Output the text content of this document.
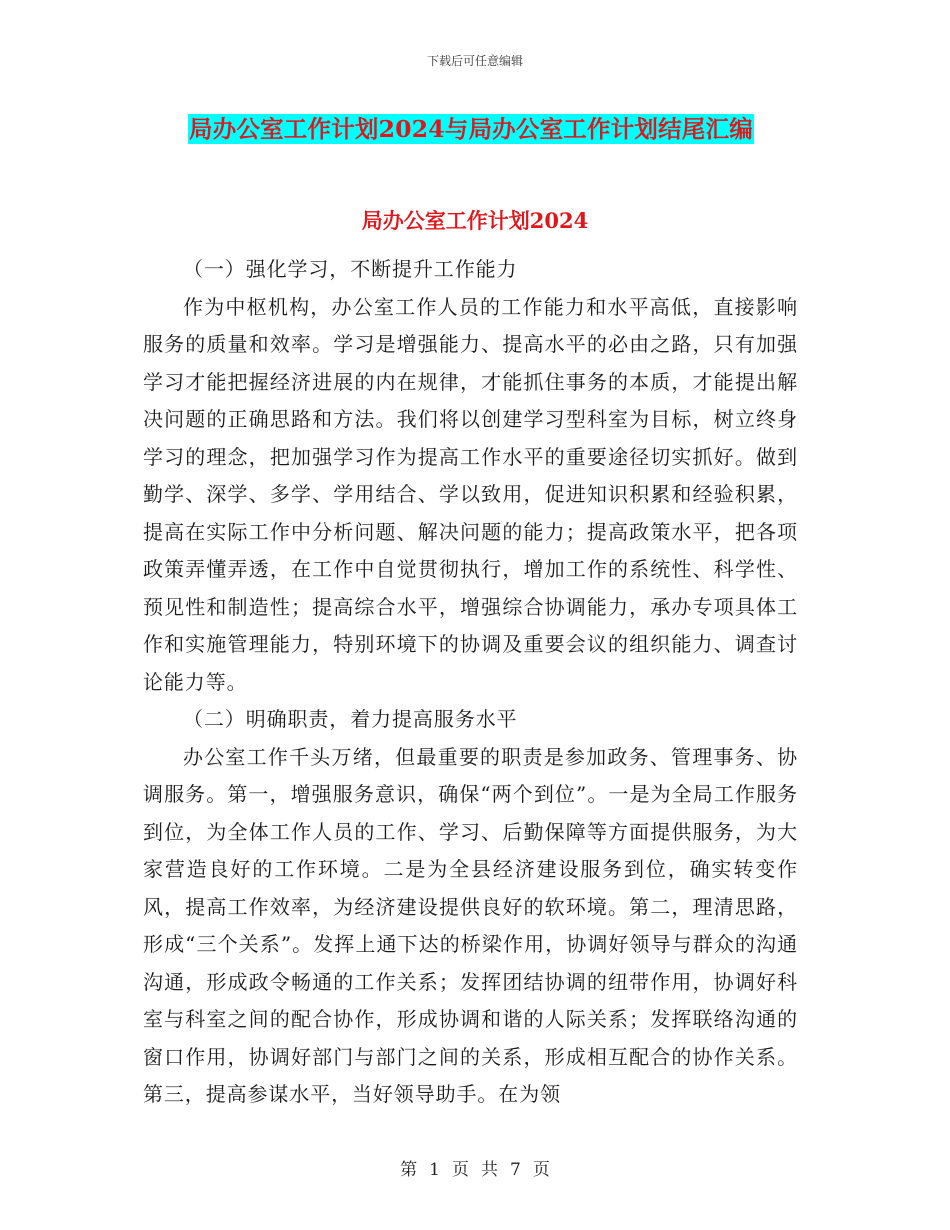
下载后可任意编辑
局办公室工作计划2024与局办公室工作计划结尾汇编
局办公室工作计划2024

（一）强化学习，不断提升工作能力

作为中枢机构，办公室工作人员的工作能力和水平高低，直接影响服务的质量和效率。学习是增强能力、提高水平的必由之路，只有加强学习才能把握经济进展的内在规律，才能抓住事务的本质，才能提出解决问题的正确思路和方法。我们将以创建学习型科室为目标，树立终身学习的理念，把加强学习作为提高工作水平的重要途径切实抓好。做到勤学、深学、多学、学用结合、学以致用，促进知识积累和经验积累，提高在实际工作中分析问题、解决问题的能力；提高政策水平，把各项政策弄懂弄透，在工作中自觉贯彻执行，增加工作的系统性、科学性、预见性和制造性；提高综合水平，增强综合协调能力，承办专项具体工作和实施管理能力，特别环境下的协调及重要会议的组织能力、调查讨论能力等。

（二）明确职责，着力提高服务水平

办公室工作千头万绪，但最重要的职责是参加政务、管理事务、协调服务。第一，增强服务意识，确保“两个到位”。一是为全局工作服务到位，为全体工作人员的工作、学习、后勤保障等方面提供服务，为大家营造良好的工作环境。二是为全县经济建设服务到位，确实转变作风，提高工作效率，为经济建设提供良好的软环境。第二，理清思路，形成“三个关系”。发挥上通下达的桥梁作用，协调好领导与群众的沟通沟通，形成政令畅通的工作关系；发挥团结协调的纽带作用，协调好科室与科室之间的配合协作，形成协调和谐的人际关系；发挥联络沟通的窗口作用，协调好部门与部门之间的关系，形成相互配合的协作关系。第三，提高参谋水平，当好领导助手。在为领

第 1 页 共 7 页
